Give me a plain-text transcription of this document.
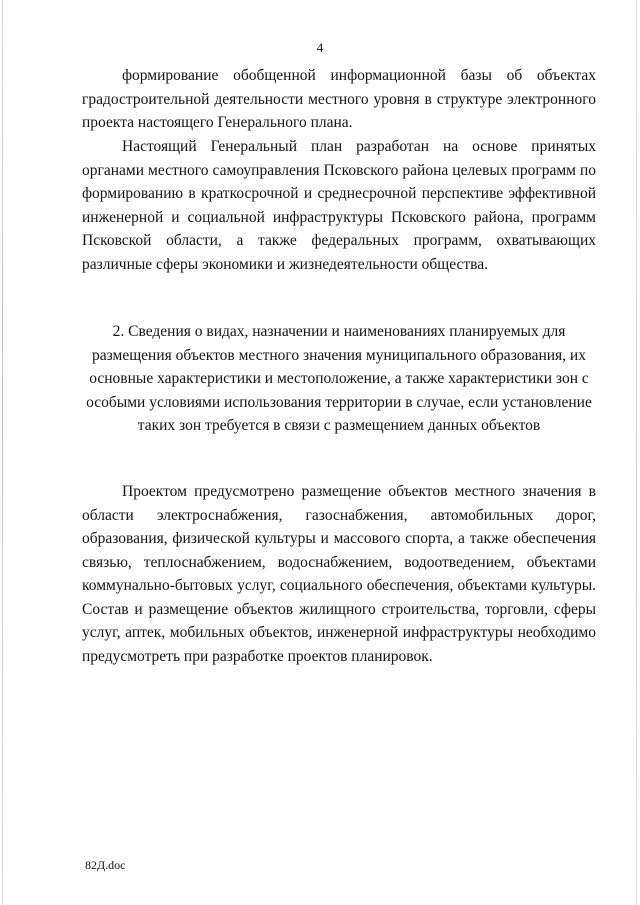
4

формирование обобщенной информационной базы об объектах градостроительной деятельности местного уровня в структуре электронного проекта настоящего Генерального плана.

Настоящий Генеральный план разработан на основе принятых органами местного самоуправления Псковского района целевых программ по формированию в краткосрочной и среднесрочной перспективе эффективной инженерной и социальной инфраструктуры Псковского района, программ Псковской области, а также федеральных программ, охватывающих различные сферы экономики и жизнедеятельности общества.

2. Сведения о видах, назначении и наименованиях планируемых для размещения объектов местного значения муниципального образования, их основные характеристики и местоположение, а также характеристики зон с особыми условиями использования территории в случае, если установление таких зон требуется в связи с размещением данных объектов

Проектом предусмотрено размещение объектов местного значения в области электроснабжения, газоснабжения, автомобильных дорог, образования, физической культуры и массового спорта, а также обеспечения связью, теплоснабжением, водоснабжением, водоотведением, объектами коммунально-бытовых услуг, социального обеспечения, объектами культуры. Состав и размещение объектов жилищного строительства, торговли, сферы услуг, аптек, мобильных объектов, инженерной инфраструктуры необходимо предусмотреть при разработке проектов планировок.

82Д.doc
